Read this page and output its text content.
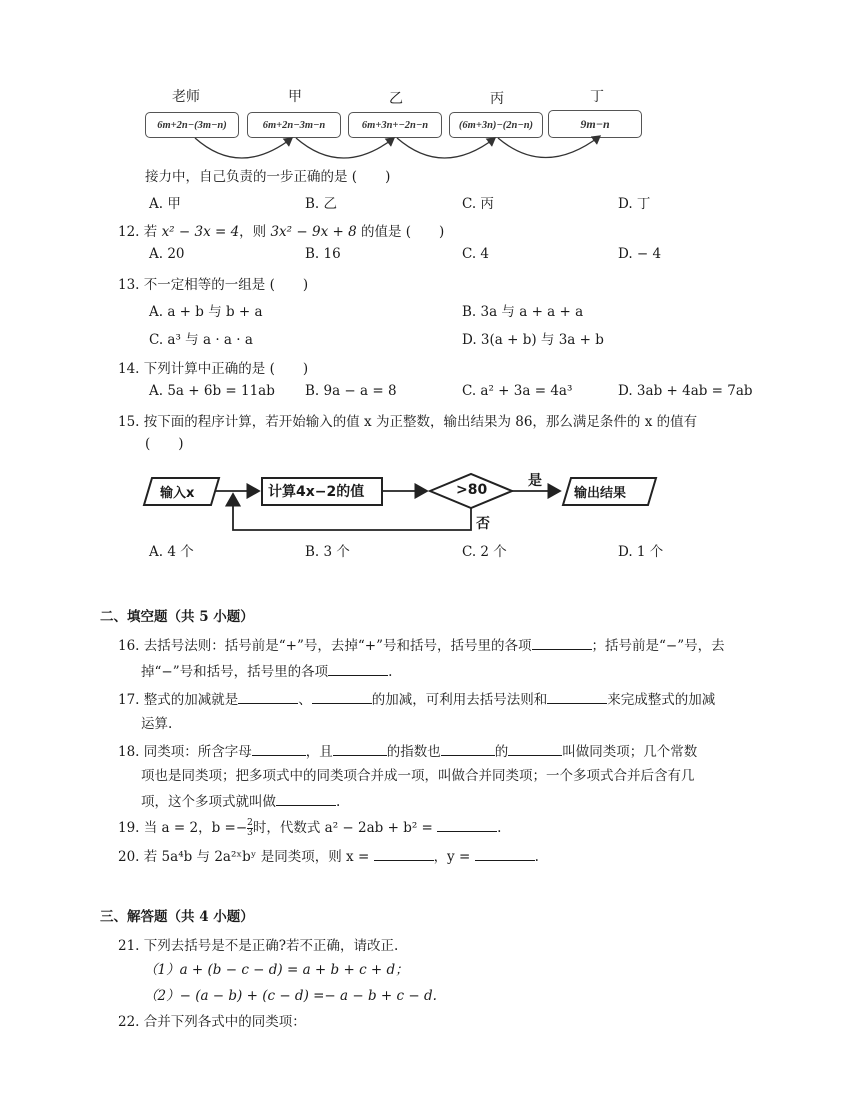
老师	甲	乙	丙	丁
6m+2n−(3m−n)	6m+2n−3m−n	6m+3n+−2n−n	(6m+3n)−(2n−n)	9m−n
接力中，自己负责的一步正确的是 ( )
A. 甲	B. 乙	C. 丙	D. 丁
12. 若 x² − 3x = 4，则 3x² − 9x + 8 的值是 ( )
A. 20	B. 16	C. 4	D. − 4
13. 不一定相等的一组是 ( )
A. a + b 与 b + a	B. 3a 与 a + a + a
C. a³ 与 a · a · a	D. 3(a + b) 与 3a + b
14. 下列计算中正确的是 ( )
A. 5a + 6b = 11ab B. 9a − a = 8	C. a² + 3a = 4a³	D. 3ab + 4ab = 7ab
15. 按下面的程序计算，若开始输入的值 x 为正整数，输出结果为 86，那么满足条件的 x 的值有
( )
输入x	计算4x−2的值	>80
是
否
输出结果
A. 4 个	B. 3 个	C. 2 个	D. 1 个
二、填空题（共 5 小题）
16. 去括号法则：括号前是“+”号，去掉“+”号和括号，括号里的各项	；括号前是“−”号，去
掉“−”号和括号，括号里的各项	.
17. 整式的加减就是	、	的加减，可利用去括号法则和	来完成整式的加减
运算.
18. 同类项：所含字母	，且	的指数也	的	叫做同类项；几个常数
项也是同类项；把多项式中的同类项合并成一项，叫做合并同类项；一个多项式合并后含有几
项，这个多项式就叫做	.
19. 当 a = 2，$b =- \frac{2}{3}$ 时，代数式 a² − 2ab + b² =	.
20. 若 5a⁴b 与 2a²ˣbʸ 是同类项，则 x =	，y =	.
三、解答题（共 4 小题）
21. 下列去括号是不是正确?若不正确，请改正.
（1）a + (b − c − d) = a + b + c + d；
（2）− (a − b) + (c − d) =− a − b + c − d.
22. 合并下列各式中的同类项：
